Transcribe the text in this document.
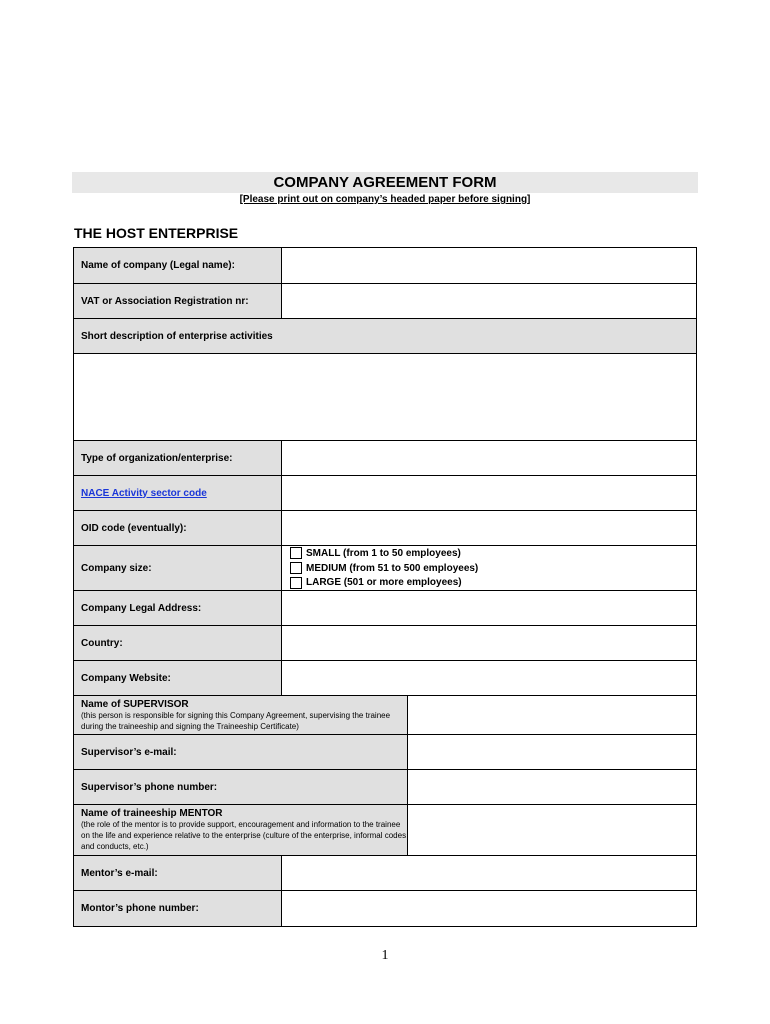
COMPANY AGREEMENT FORM
[Please print out on company’s headed paper before signing]
THE HOST ENTERPRISE
Name of company (Legal name):
VAT or Association Registration nr:
Short description of enterprise activities
Type of organization/enterprise:
NACE Activity sector code
OID code (eventually):
Company size:
SMALL (from 1 to 50 employees)
MEDIUM (from 51 to 500 employees)
LARGE (501 or more employees)
Company Legal Address:
Country:
Company Website:
Name of SUPERVISOR
(this person is responsible for signing this Company Agreement, supervising the trainee during the traineeship and signing the Traineeship Certificate)
Supervisor’s e-mail:
Supervisor’s phone number:
Name of traineeship MENTOR
(the role of the mentor is to provide support, encouragement and information to the trainee on the life and experience relative to the enterprise (culture of the enterprise, informal codes and conducts, etc.)
Mentor’s e-mail:
Montor’s phone number:
1
